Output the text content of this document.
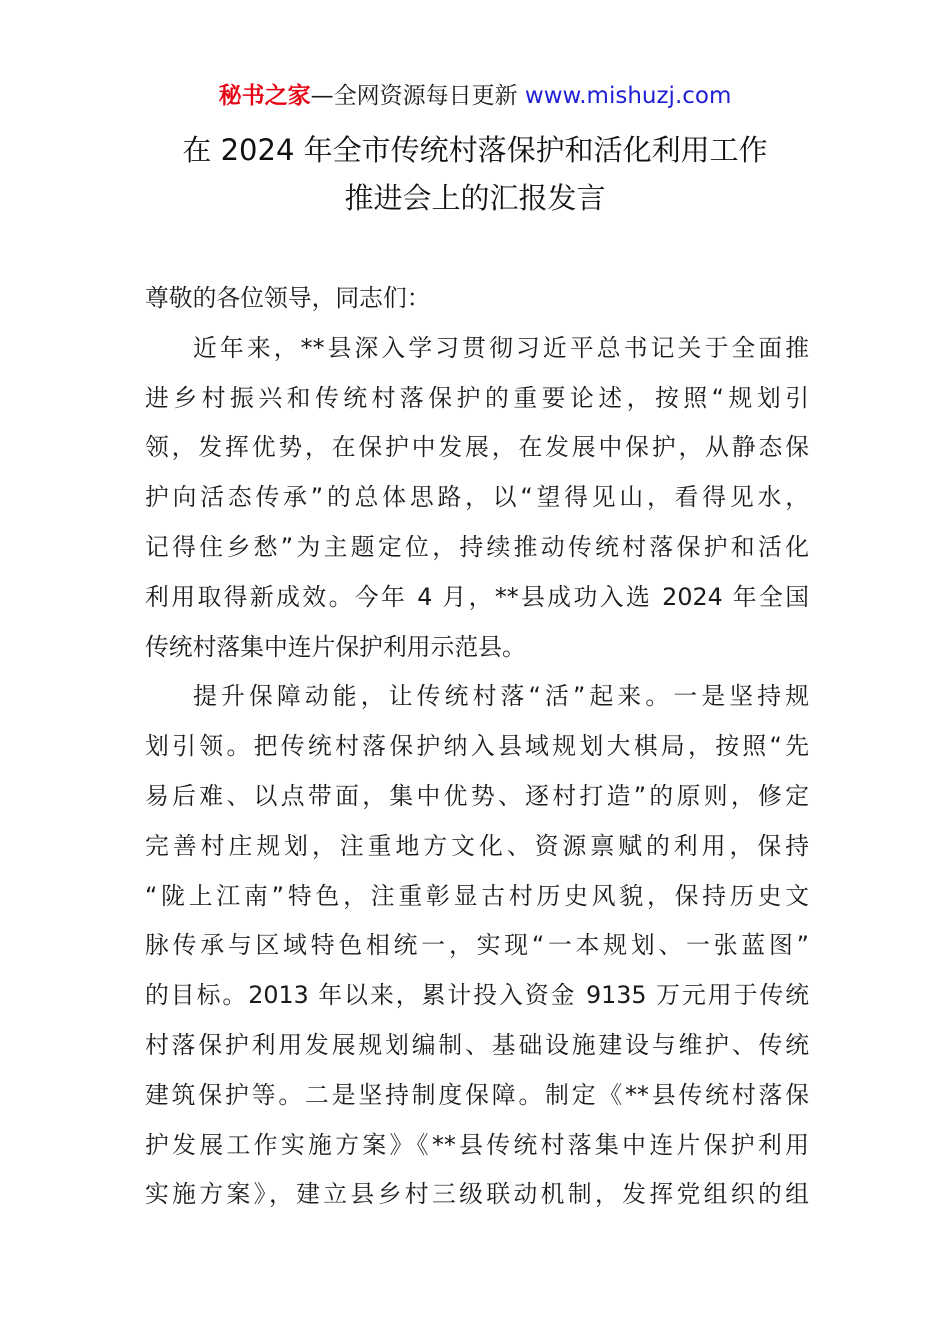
秘书之家—全网资源每日更新 www.mishuzj.com
在 2024 年全市传统村落保护和活化利用工作
推进会上的汇报发言
尊敬的各位领导，同志们：
近年来，**县深入学习贯彻习近平总书记关于全面推
进乡村振兴和传统村落保护的重要论述，按照“规划引
领，发挥优势，在保护中发展，在发展中保护，从静态保
护向活态传承”的总体思路，以“望得见山，看得见水，
记得住乡愁”为主题定位，持续推动传统村落保护和活化
利用取得新成效。今年 4 月，**县成功入选 2024 年全国
传统村落集中连片保护利用示范县。
提升保障动能，让传统村落“活”起来。一是坚持规
划引领。把传统村落保护纳入县域规划大棋局，按照“先
易后难、以点带面，集中优势、逐村打造”的原则，修定
完善村庄规划，注重地方文化、资源禀赋的利用，保持
“陇上江南”特色，注重彰显古村历史风貌，保持历史文
脉传承与区域特色相统一，实现“一本规划、一张蓝图”
的目标。2013 年以来，累计投入资金 9135 万元用于传统
村落保护利用发展规划编制、基础设施建设与维护、传统
建筑保护等。二是坚持制度保障。制定《**县传统村落保
护发展工作实施方案》《**县传统村落集中连片保护利用
实施方案》，建立县乡村三级联动机制，发挥党组织的组
